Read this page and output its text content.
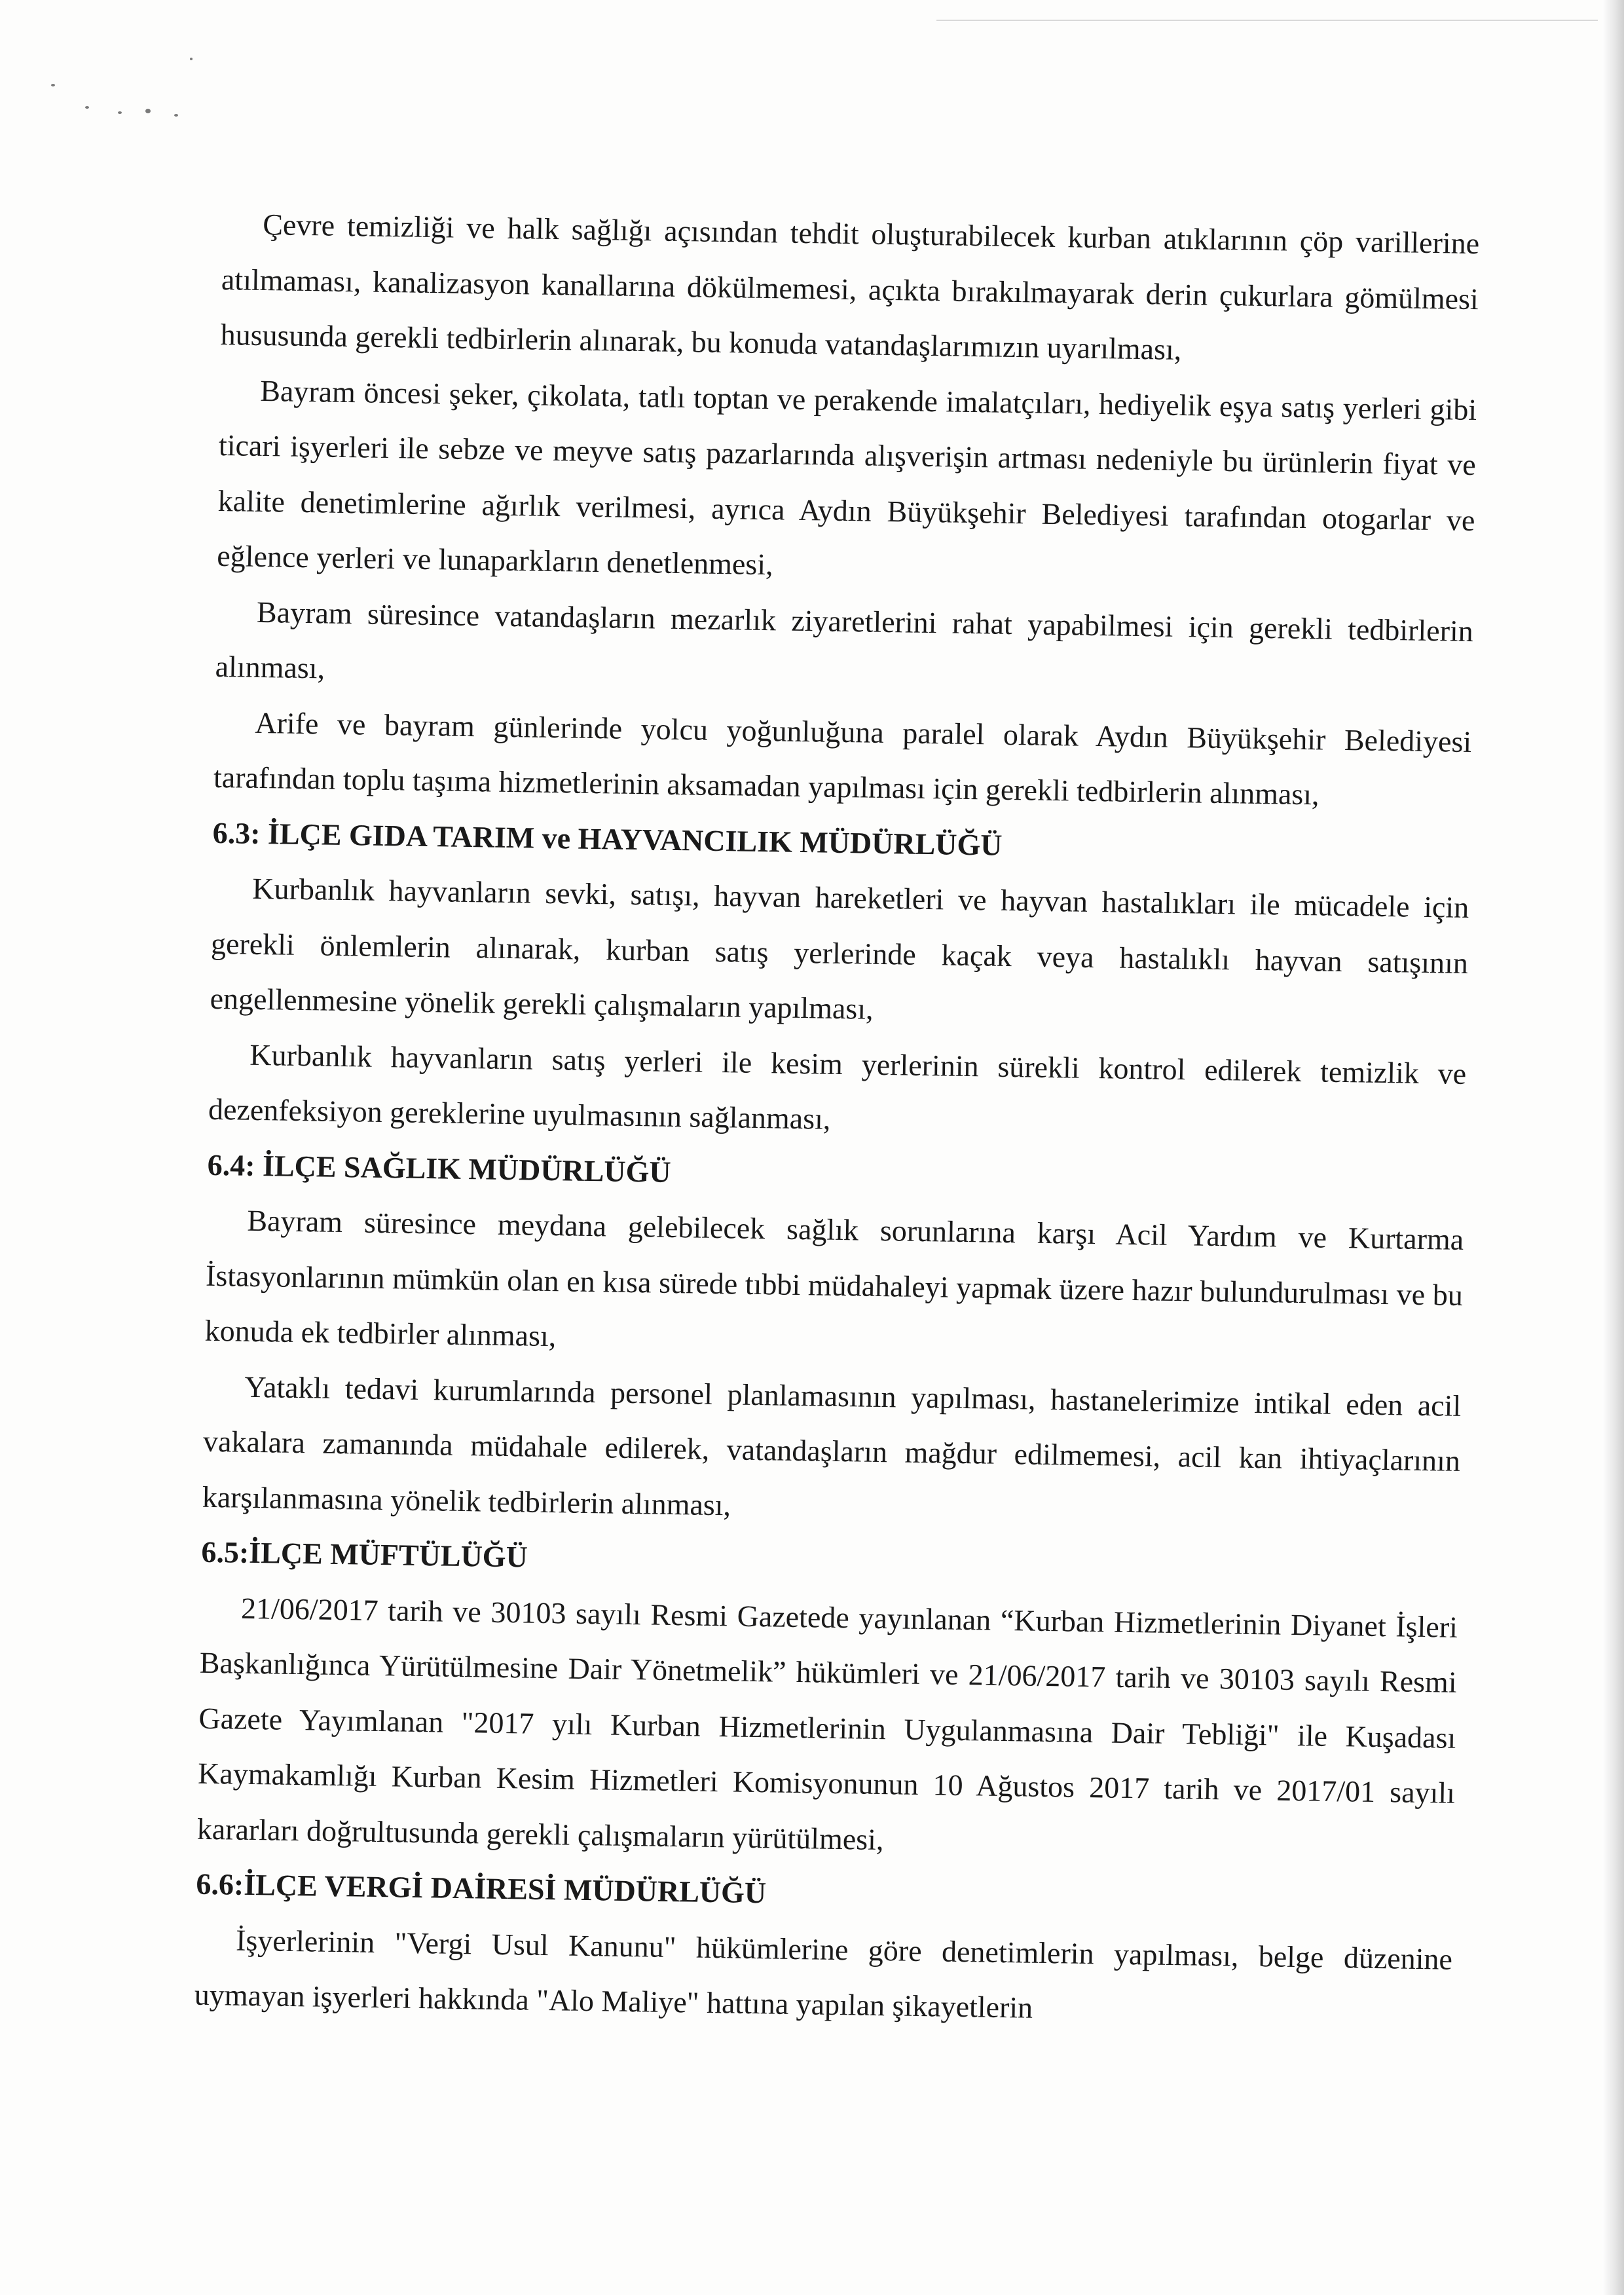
Çevre temizliği ve halk sağlığı açısından tehdit oluşturabilecek kurban atıklarının çöp varillerine atılmaması, kanalizasyon kanallarına dökülmemesi, açıkta bırakılmayarak derin çukurlara gömülmesi hususunda gerekli tedbirlerin alınarak, bu konuda vatandaşlarımızın uyarılması,

Bayram öncesi şeker, çikolata, tatlı toptan ve perakende imalatçıları, hediyelik eşya satış yerleri gibi ticari işyerleri ile sebze ve meyve satış pazarlarında alışverişin artması nedeniyle bu ürünlerin fiyat ve kalite denetimlerine ağırlık verilmesi, ayrıca Aydın Büyükşehir Belediyesi tarafından otogarlar ve eğlence yerleri ve lunaparkların denetlenmesi,

Bayram süresince vatandaşların mezarlık ziyaretlerini rahat yapabilmesi için gerekli tedbirlerin alınması,

Arife ve bayram günlerinde yolcu yoğunluğuna paralel olarak Aydın Büyükşehir Belediyesi tarafından toplu taşıma hizmetlerinin aksamadan yapılması için gerekli tedbirlerin alınması,

6.3: İLÇE GIDA TARIM ve HAYVANCILIK MÜDÜRLÜĞÜ

Kurbanlık hayvanların sevki, satışı, hayvan hareketleri ve hayvan hastalıkları ile mücadele için gerekli önlemlerin alınarak, kurban satış yerlerinde kaçak veya hastalıklı hayvan satışının engellenmesine yönelik gerekli çalışmaların yapılması,

Kurbanlık hayvanların satış yerleri ile kesim yerlerinin sürekli kontrol edilerek temizlik ve dezenfeksiyon gereklerine uyulmasının sağlanması,

6.4: İLÇE SAĞLIK MÜDÜRLÜĞÜ

Bayram süresince meydana gelebilecek sağlık sorunlarına karşı Acil Yardım ve Kurtarma İstasyonlarının mümkün olan en kısa sürede tıbbi müdahaleyi yapmak üzere hazır bulundurulması ve bu konuda ek tedbirler alınması,

Yataklı tedavi kurumlarında personel planlamasının yapılması, hastanelerimize intikal eden acil vakalara zamanında müdahale edilerek, vatandaşların mağdur edilmemesi, acil kan ihtiyaçlarının karşılanmasına yönelik tedbirlerin alınması,

6.5:İLÇE MÜFTÜLÜĞÜ

21/06/2017 tarih ve 30103 sayılı Resmi Gazetede yayınlanan “Kurban Hizmetlerinin Diyanet İşleri Başkanlığınca Yürütülmesine Dair Yönetmelik” hükümleri ve 21/06/2017 tarih ve 30103 sayılı Resmi Gazete Yayımlanan "2017 yılı Kurban Hizmetlerinin Uygulanmasına Dair Tebliği" ile Kuşadası Kaymakamlığı Kurban Kesim Hizmetleri Komisyonunun 10 Ağustos 2017 tarih ve 2017/01 sayılı kararları doğrultusunda gerekli çalışmaların yürütülmesi,

6.6:İLÇE VERGİ DAİRESİ MÜDÜRLÜĞÜ

İşyerlerinin "Vergi Usul Kanunu" hükümlerine göre denetimlerin yapılması, belge düzenine uymayan işyerleri hakkında "Alo Maliye" hattına yapılan şikayetlerin
